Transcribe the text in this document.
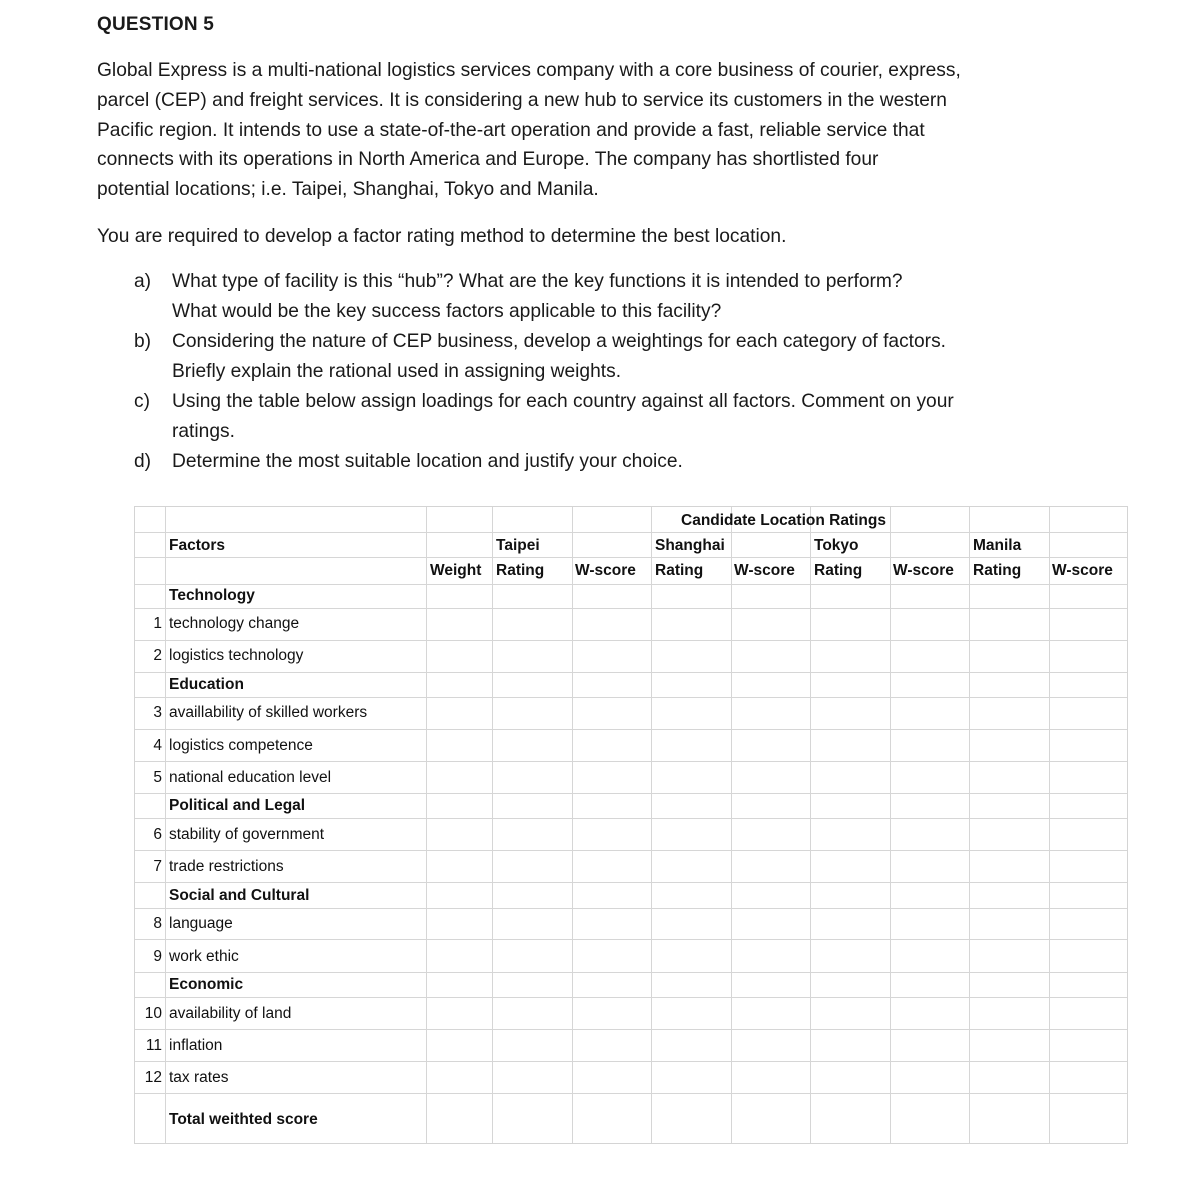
QUESTION 5
Global Express is a multi-national logistics services company with a core business of courier, express,
parcel (CEP) and freight services. It is considering a new hub to service its customers in the western
Pacific region. It intends to use a state-of-the-art operation and provide a fast, reliable service that
connects with its operations in North America and Europe. The company has shortlisted four
potential locations; i.e. Taipei, Shanghai, Tokyo and Manila.
You are required to develop a factor rating method to determine the best location.
a) What type of facility is this “hub”? What are the key functions it is intended to perform?
What would be the key success factors applicable to this facility?
b) Considering the nature of CEP business, develop a weightings for each category of factors.
Briefly explain the rational used in assigning weights.
c) Using the table below assign loadings for each country against all factors. Comment on your
ratings.
d) Determine the most suitable location and justify your choice.
Candidate Location Ratings
Factors	Taipei	Shanghai	Tokyo	Manila
Weight Rating W-score Rating W-score Rating W-score Rating W-score
Technology
1 technology change
2 logistics technology
Education
3 availlability of skilled workers
4 logistics competence
5 national education level
Political and Legal
6 stability of government
7 trade restrictions
Social and Cultural
8 language
9 work ethic
Economic
10 availability of land
11 inflation
12 tax rates
Total weithted score
